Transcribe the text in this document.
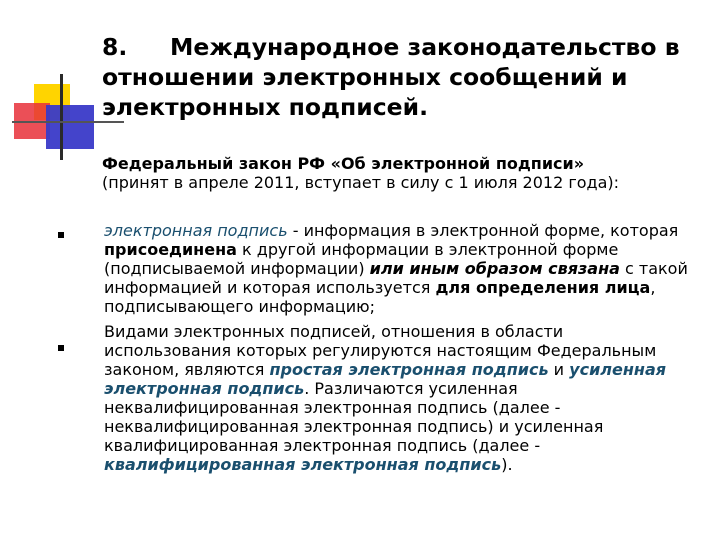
8. Международное законодательство в отношении электронных сообщений и электронных подписей.
Федеральный закон РФ «Об электронной подписи»
(принят в апреле 2011, вступает в силу с 1 июля 2012 года):
электронная подпись - информация в электронной форме, которая присоединена к другой информации в электронной форме (подписываемой информации) или иным образом связана с такой информацией и которая используется для определения лица, подписывающего информацию;
Видами электронных подписей, отношения в области использования которых регулируются настоящим Федеральным законом, являются простая электронная подпись и усиленная электронная подпись. Различаются усиленная неквалифицированная электронная подпись (далее - неквалифицированная электронная подпись) и усиленная квалифицированная электронная подпись (далее - квалифицированная электронная подпись).
